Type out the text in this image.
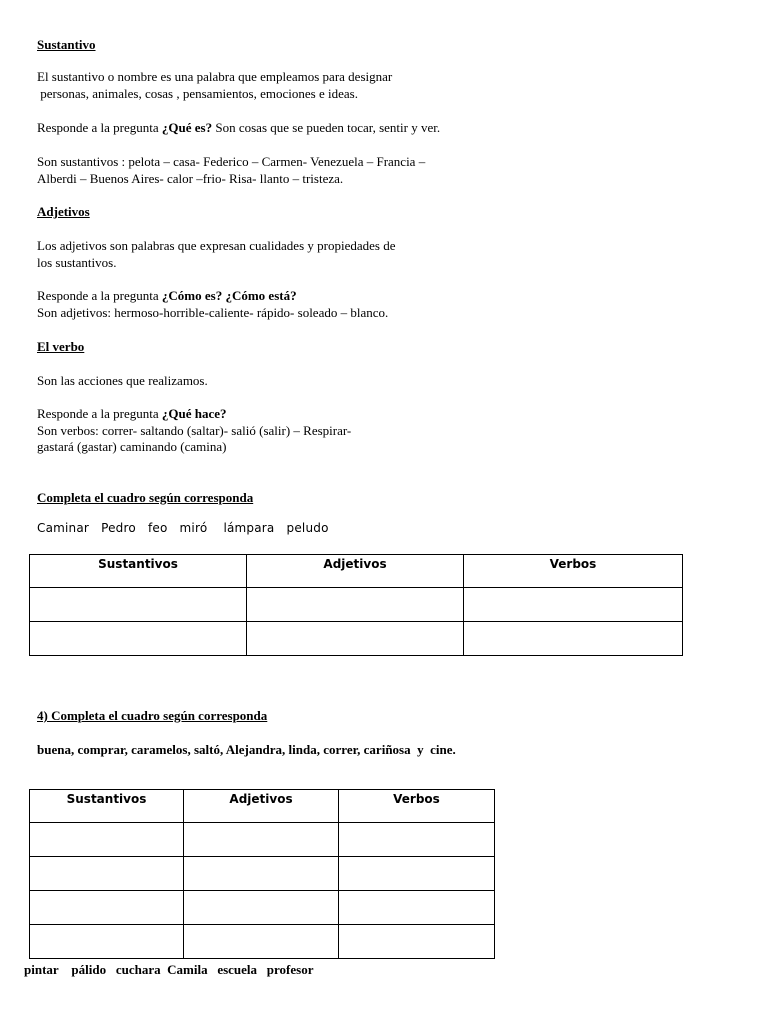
Sustantivo
El sustantivo o nombre es una palabra que empleamos para designar
personas, animales, cosas , pensamientos, emociones e ideas.
Responde a la pregunta ¿Qué es? Son cosas que se pueden tocar, sentir y ver.
Son sustantivos : pelota – casa- Federico – Carmen- Venezuela – Francia –
Alberdi – Buenos Aires- calor –frio- Risa- llanto – tristeza.
Adjetivos
Los adjetivos son palabras que expresan cualidades y propiedades de
los sustantivos.
Responde a la pregunta ¿Cómo es? ¿Cómo está?
Son adjetivos: hermoso-horrible-caliente- rápido- soleado – blanco.
El verbo
Son las acciones que realizamos.
Responde a la pregunta ¿Qué hace?
Son verbos: correr- saltando (saltar)- salió (salir) – Respirar-
gastará (gastar) caminando (camina)
Completa el cuadro según corresponda
Caminar   Pedro   feo   miró    lámpara   peludo
Sustantivos	Adjetivos	Verbos

4) Completa el cuadro según corresponda
buena, comprar, caramelos, saltó, Alejandra, linda, correr, cariñosa  y  cine.
Sustantivos	Adjetivos	Verbos

pintar    pálido   cuchara  Camila   escuela   profesor
